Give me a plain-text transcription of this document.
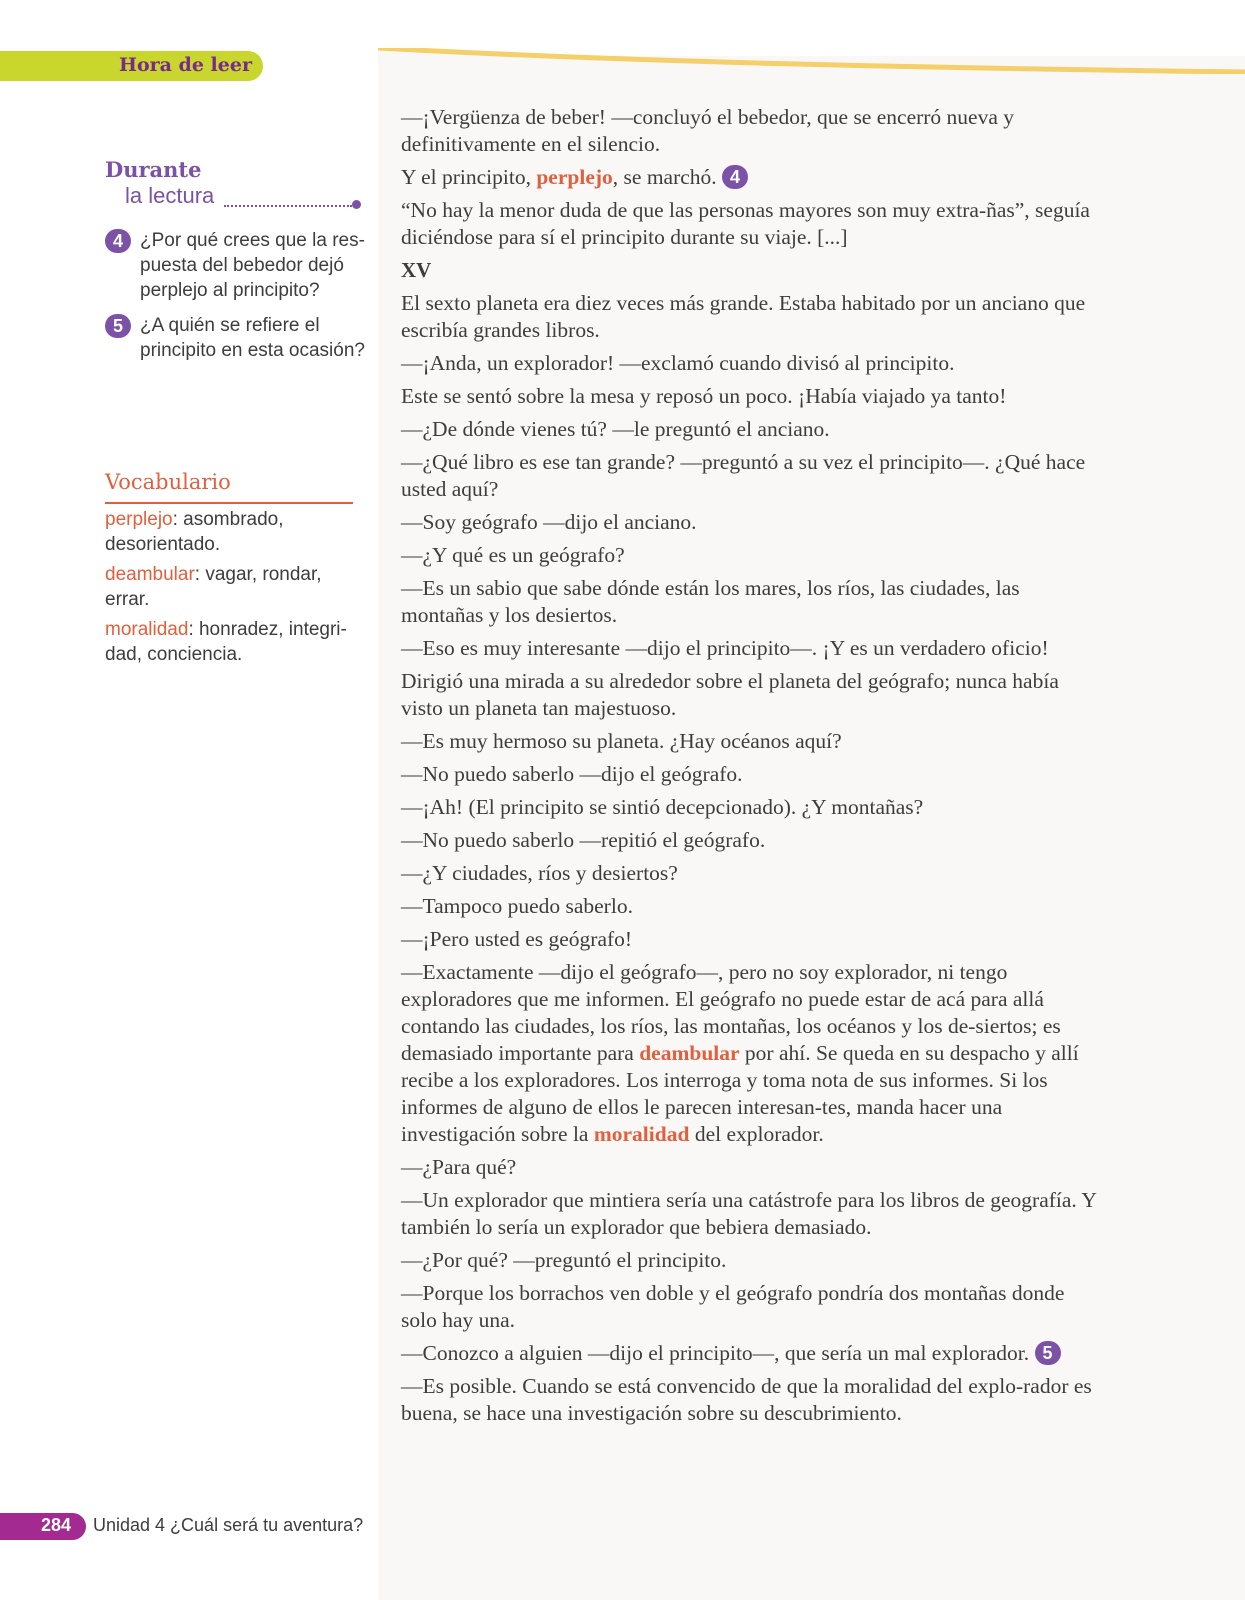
Hora de leer
Durante
la lectura
4 ¿Por qué crees que la res-puesta del bebedor dejó perplejo al principito?
5 ¿A quién se refiere el principito en esta ocasión?
Vocabulario
perplejo: asombrado, desorientado.
deambular: vagar, rondar, errar.
moralidad: honradez, integri-dad, conciencia.

—¡Vergüenza de beber! —concluyó el bebedor, que se encerró nueva y definitivamente en el silencio.

Y el principito, perplejo, se marchó. 4

“No hay la menor duda de que las personas mayores son muy extra-ñas”, seguía diciéndose para sí el principito durante su viaje. [...]

XV

El sexto planeta era diez veces más grande. Estaba habitado por un anciano que escribía grandes libros.

—¡Anda, un explorador! —exclamó cuando divisó al principito.

Este se sentó sobre la mesa y reposó un poco. ¡Había viajado ya tanto!

—¿De dónde vienes tú? —le preguntó el anciano.

—¿Qué libro es ese tan grande? —preguntó a su vez el principito—. ¿Qué hace usted aquí?

—Soy geógrafo —dijo el anciano.

—¿Y qué es un geógrafo?

—Es un sabio que sabe dónde están los mares, los ríos, las ciudades, las montañas y los desiertos.

—Eso es muy interesante —dijo el principito—. ¡Y es un verdadero oficio!

Dirigió una mirada a su alrededor sobre el planeta del geógrafo; nunca había visto un planeta tan majestuoso.

—Es muy hermoso su planeta. ¿Hay océanos aquí?

—No puedo saberlo —dijo el geógrafo.

—¡Ah! (El principito se sintió decepcionado). ¿Y montañas?

—No puedo saberlo —repitió el geógrafo.

—¿Y ciudades, ríos y desiertos?

—Tampoco puedo saberlo.

—¡Pero usted es geógrafo!

—Exactamente —dijo el geógrafo—, pero no soy explorador, ni tengo exploradores que me informen. El geógrafo no puede estar de acá para allá contando las ciudades, los ríos, las montañas, los océanos y los de-siertos; es demasiado importante para deambular por ahí. Se queda en su despacho y allí recibe a los exploradores. Los interroga y toma nota de sus informes. Si los informes de alguno de ellos le parecen interesan-tes, manda hacer una investigación sobre la moralidad del explorador.

—¿Para qué?

—Un explorador que mintiera sería una catástrofe para los libros de geografía. Y también lo sería un explorador que bebiera demasiado.

—¿Por qué? —preguntó el principito.

—Porque los borrachos ven doble y el geógrafo pondría dos montañas donde solo hay una.

—Conozco a alguien —dijo el principito—, que sería un mal explorador. 5

—Es posible. Cuando se está convencido de que la moralidad del explo-rador es buena, se hace una investigación sobre su descubrimiento.

284 Unidad 4 ¿Cuál será tu aventura?
